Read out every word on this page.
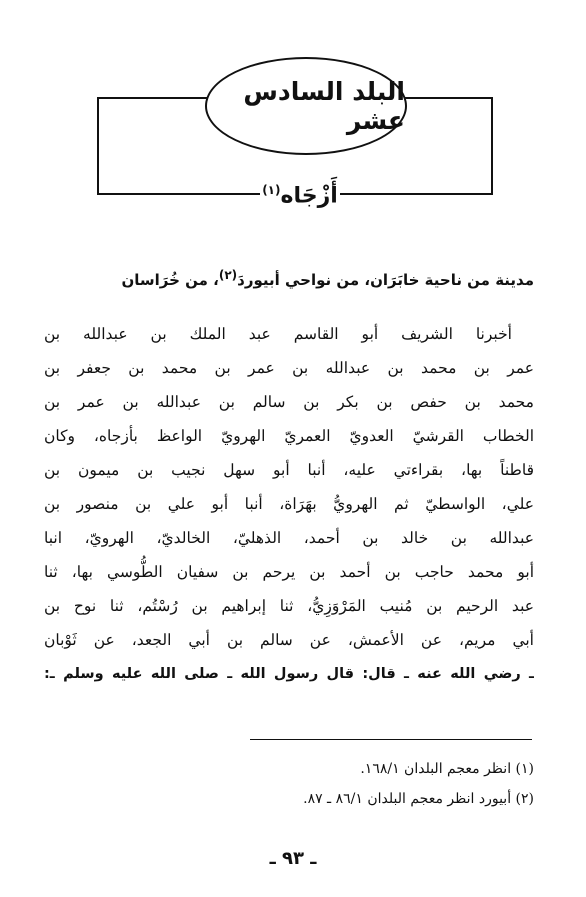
البلد السادس عشر
أَزْجَاه$^{(١)}$
مدينة من ناحية خابَرَان، من نواحي أبيوردَ$^{(٢)}$، من خُرَاسان
أخبرنا الشريف أبو القاسم عبد الملك بن عبدالله بن
عمر بن محمد بن عبدالله بن عمر بن محمد بن جعفر بن
محمد بن حفص بن بكر بن سالم بن عبدالله بن عمر بن
الخطاب القرشيّ العدويّ العمريّ الهرويّ الواعظ بأزجاه، وكان
قاطناً بها، بقراءتي عليه، أنبا أبو سهل نجيب بن ميمون بن
علي، الواسطيّ ثم الهرويُّ بهَرَاة، أنبا أبو علي بن منصور بن
عبدالله بن خالد بن أحمد، الذهليّ، الخالديّ، الهرويّ، انبا
أبو محمد حاجب بن أحمد بن يرحم بن سفيان الطُّوسي بها، ثنا
عبد الرحيم بن مُنيب المَرْوَزِيُّ، ثنا إبراهيم بن رُسْتُم، ثنا نوح بن
أبي مريم، عن الأعمش، عن سالم بن أبي الجعد، عن ثَوْبان
ـ رضي الله عنه ـ قال: قال رسول الله ـ صلى الله عليه وسلم ـ:
(١) انظر معجم البلدان ١٦٨/١.
(٢) أبيورد انظر معجم البلدان ٨٦/١ ـ ٨٧.
ـ ٩٣ ـ
